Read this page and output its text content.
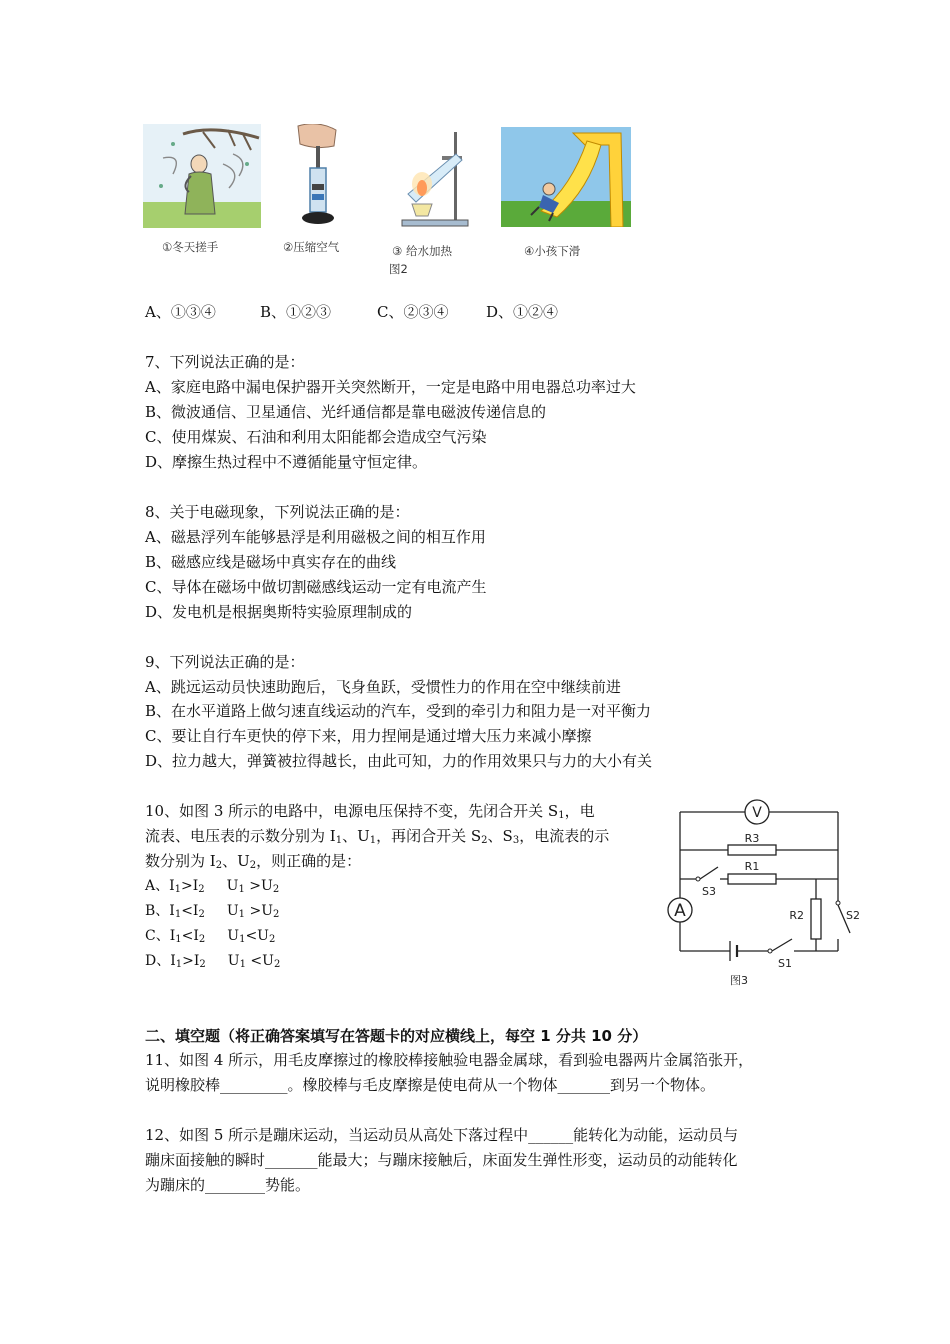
①冬天搓手	②压缩空气	③ 给水加热	④小孩下滑
图2
A、①③④	B、①②③	C、②③④	D、①②④
7、下列说法正确的是：
A、家庭电路中漏电保护器开关突然断开，一定是电路中用电器总功率过大
B、微波通信、卫星通信、光纤通信都是靠电磁波传递信息的
C、使用煤炭、石油和利用太阳能都会造成空气污染
D、摩擦生热过程中不遵循能量守恒定律。
8、关于电磁现象，下列说法正确的是：
A、磁悬浮列车能够悬浮是利用磁极之间的相互作用
B、磁感应线是磁场中真实存在的曲线
C、导体在磁场中做切割磁感线运动一定有电流产生
D、发电机是根据奥斯特实验原理制成的
9、下列说法正确的是：
A、跳远运动员快速助跑后，飞身鱼跃，受惯性力的作用在空中继续前进
B、在水平道路上做匀速直线运动的汽车，受到的牵引力和阻力是一对平衡力
C、要让自行车更快的停下来，用力捏闸是通过增大压力来减小摩擦
D、拉力越大，弹簧被拉得越长，由此可知，力的作用效果只与力的大小有关
10、如图 3 所示的电路中，电源电压保持不变，先闭合开关 $S_1$，电
流表、电压表的示数分别为 $I_1$、$U_1$，再闭合开关 $S_2$、$S_3$，电流表的示
数分别为 $I_2$、$U_2$，则正确的是：
A、$I_1>I_2$ $U_1 >U_2$
B、$I_1<I_2$ $U_1 >U_2$
C、$I_1<I_2$ $U_1<U_2$
D、$I_1>I_2$ $U_1 <U_2$
V
A
R3
R1
R2	S2
S3
S1
图3
二、填空题（将正确答案填写在答题卡的对应横线上，每空 1 分共 10 分）
11、如图 4 所示，用毛皮摩擦过的橡胶棒接触验电器金属球，看到验电器两片金属箔张开，
说明橡胶棒_________。橡胶棒与毛皮摩擦是使电荷从一个物体_______到另一个物体。
12、如图 5 所示是蹦床运动，当运动员从高处下落过程中______能转化为动能，运动员与
蹦床面接触的瞬时_______能最大；与蹦床接触后，床面发生弹性形变，运动员的动能转化
为蹦床的________势能。
